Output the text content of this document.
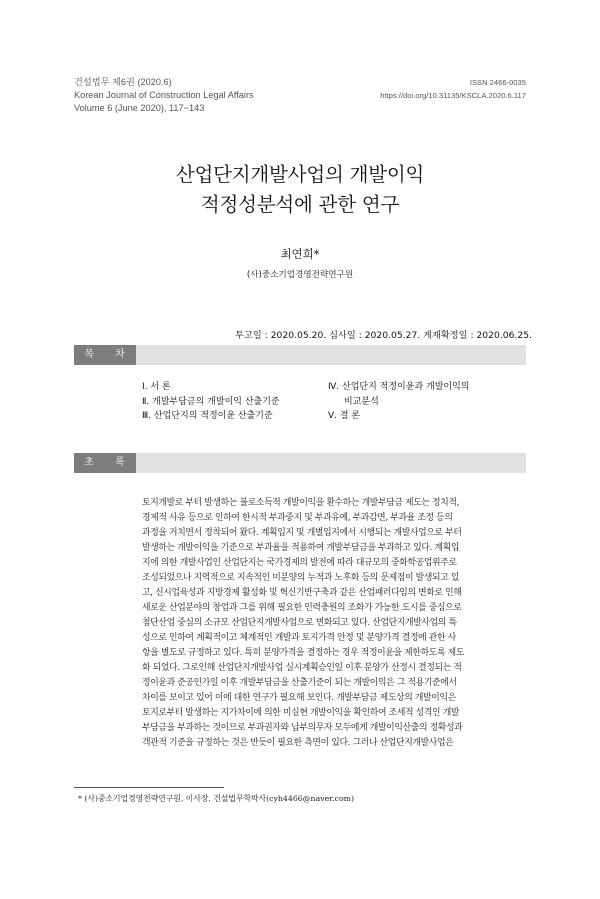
건설법무 제6권 (2020.6)
Korean Journal of Construction Legal Affairs
Volume 6 (June 2020), 117~143
ISSN 2466-0035
https://doi.org/10.31135/KSCLA.2020.6.117
산업단지개발사업의 개발이익
적정성분석에 관한 연구
최연희*
(사)중소기업경영전략연구원
투고일 : 2020.05.20. 심사일 : 2020.05.27. 게재확정일 : 2020.06.25.
목 차
Ⅰ. 서 론
Ⅱ. 개발부담금의 개발이익 산출기준
Ⅲ. 산업단지의 적정이윤 산출기준
Ⅳ. 산업단지 적정이윤과 개발이익의
비교분석
Ⅴ. 결 론
초 록
토지개발로 부터 발생하는 불로소득적 개발이익을 환수하는 개발부담금 제도는 정치적,
경제적 사유 등으로 인하여 한시적 부과중지 및 부과유예, 부과감면, 부과율 조정 등의
과정을 거치면서 정착되어 왔다. 계획입지 및 개별입지에서 시행되는 개발사업으로 부터
발생하는 개발이익을 기준으로 부과율을 적용하여 개발부담금을 부과하고 있다. 계획입
지에 의한 개발사업인 산업단지는 국가경제의 발전에 따라 대규모의 중화학공업위주로
조성되었으나 지역적으로 지속적인 미분양의 누적과 노후화 등의 문제점이 발생되고 있
고, 신시업육성과 지방경제 활성화 및 혁신기반구축과 같은 산업패러다임의 변화로 인해
새로운 산업분야의 창업과 그를 위해 필요한 인력충원의 조화가 가능한 도시를 중심으로
첨단산업 중심의 소규모 산업단지개발사업으로 변화되고 있다. 산업단지개발사업의 특
성으로 인하여 계획적이고 체계적인 개발과 토지가격 안정 및 분양가격 결정에 관한 사
항을 별도로 규정하고 있다. 특히 분양가격을 결정하는 경우 적정이윤을 제한하도록 제도
화 되었다. 그로인해 산업단지개발사업 실시계획승인일 이후 분양가 산정시 결정되는 적
정이윤과 준공인가일 이후 개발부담금을 산출기준이 되는 개발이익은 그 적용기준에서
차이를 보이고 있어 이에 대한 연구가 필요해 보인다. 개발부담금 제도상의 개발이익은
토지로부터 발생하는 지가차이에 의한 미실현 개발이익을 확인하여 조세적 성격인 개발
부담금을 부과하는 것이므로 부과권자와 납부의무자 모두에게 개발이익산출의 정확성과
객관적 기준을 규정하는 것은 반듯이 필요한 측면이 있다. 그러나 산업단지개발사업은
* (사)중소기업경영전략연구원, 이사장, 건설법무학박사(cyh4466@naver.com)
